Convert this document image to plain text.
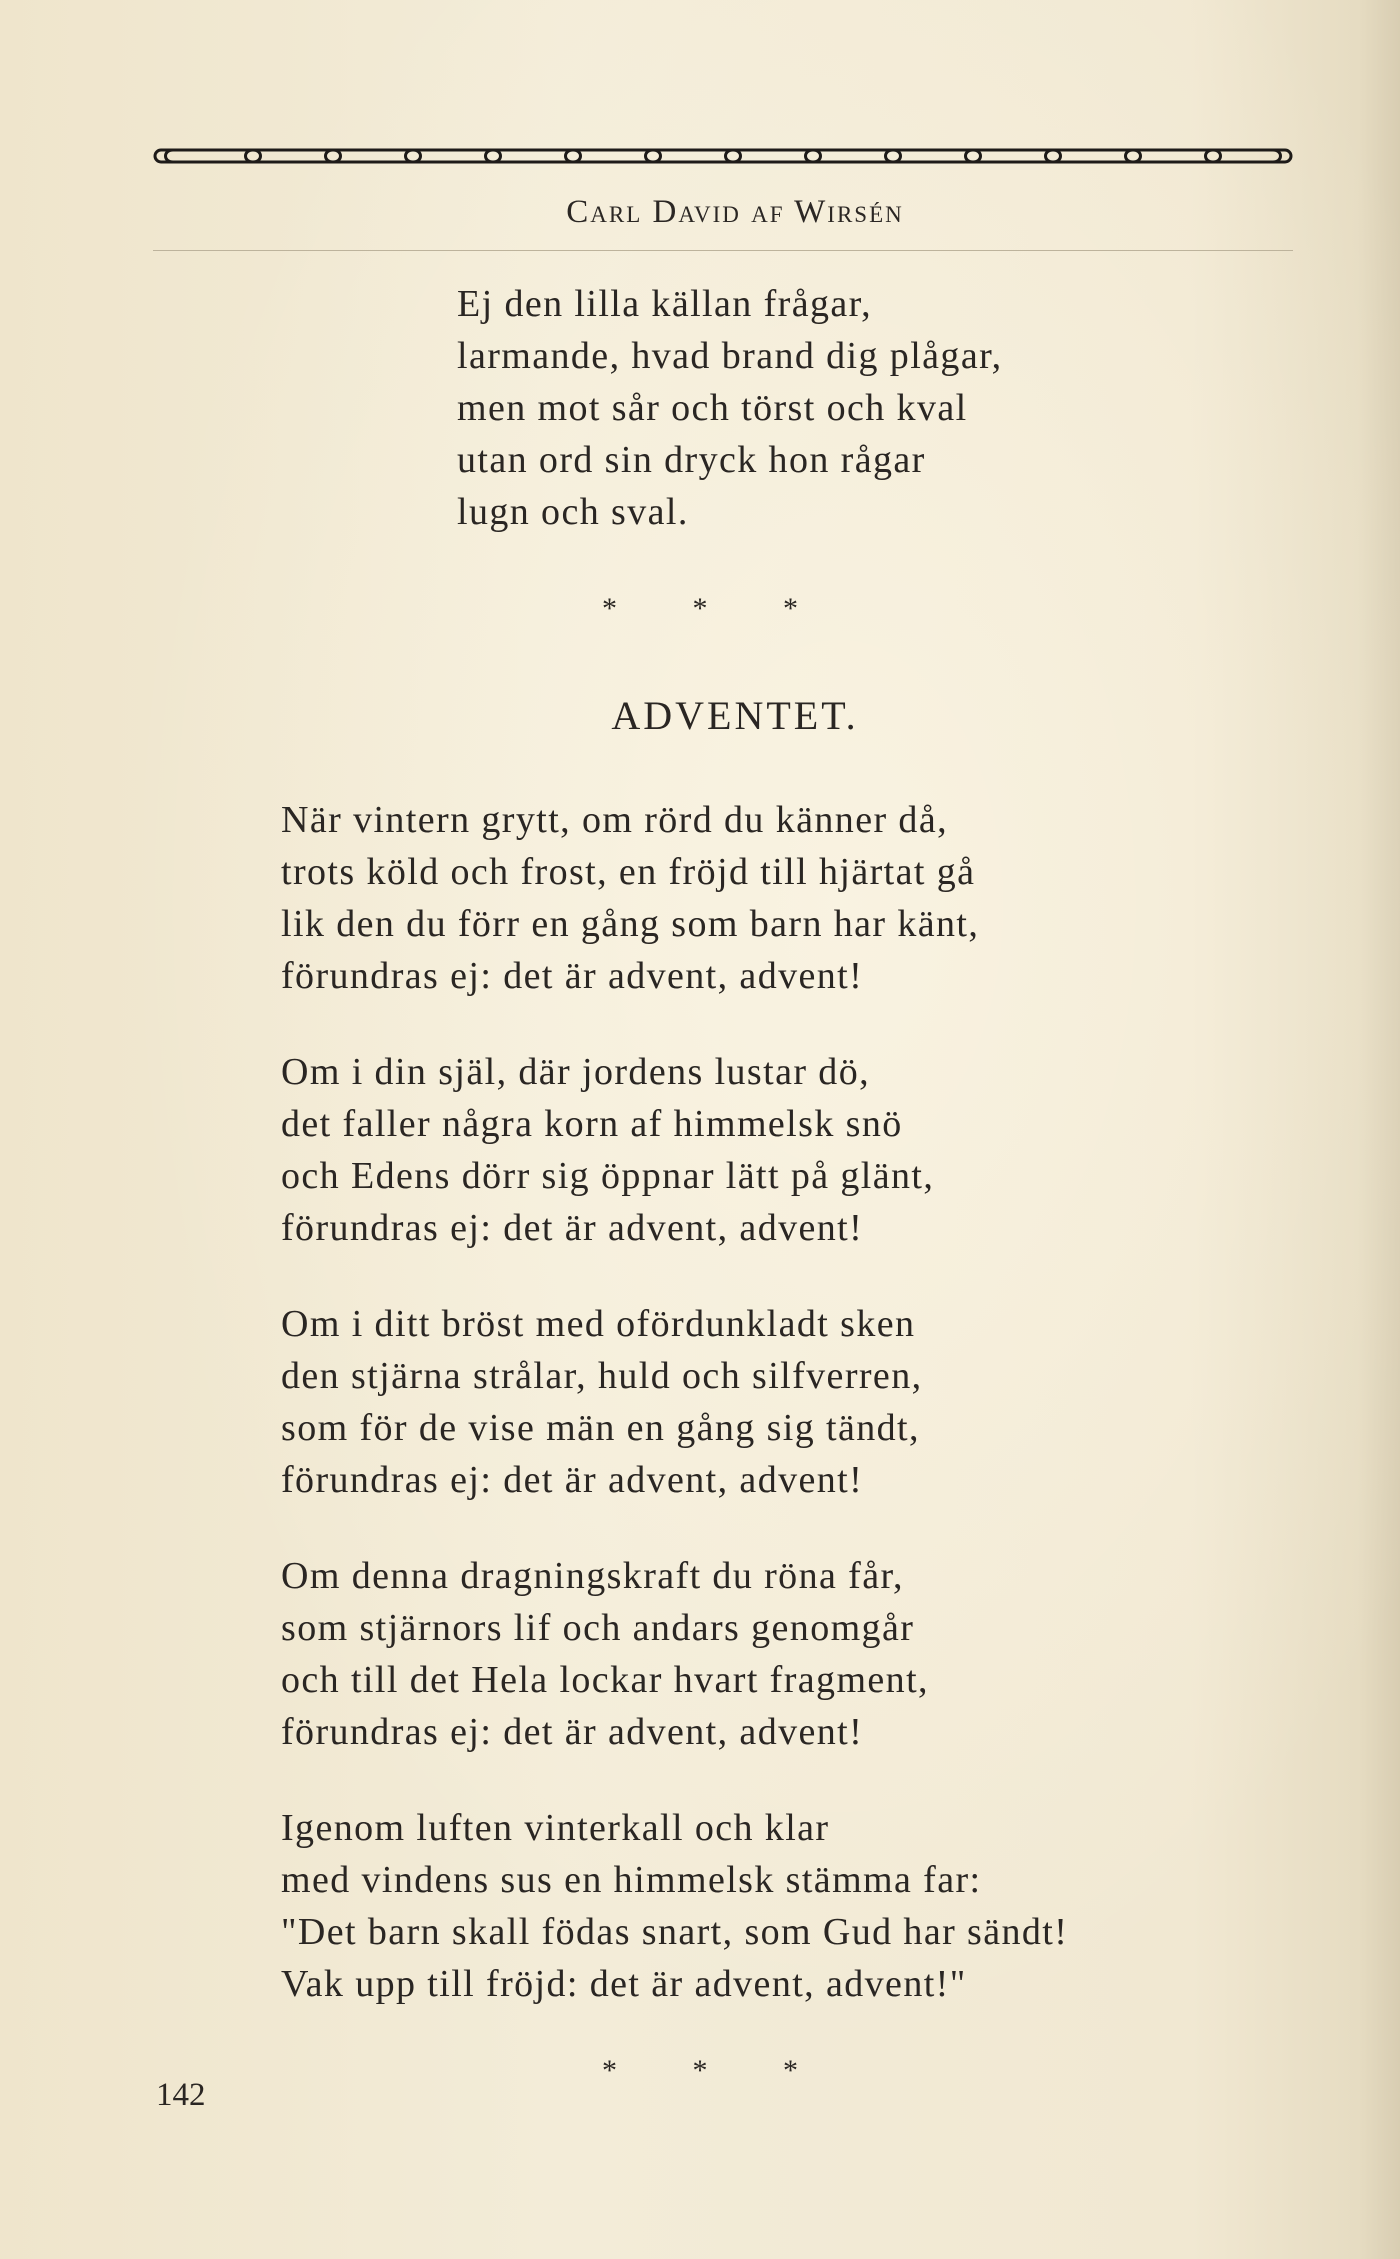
Carl David af Wirsén
Ej den lilla källan frågar,
larmande, hvad brand dig plågar,
men mot sår och törst och kval
utan ord sin dryck hon rågar
lugn och sval.
* * *
ADVENTET.
När vintern grytt, om rörd du känner då,
trots köld och frost, en fröjd till hjärtat gå
lik den du förr en gång som barn har känt,
förundras ej: det är advent, advent!
Om i din själ, där jordens lustar dö,
det faller några korn af himmelsk snö
och Edens dörr sig öppnar lätt på glänt,
förundras ej: det är advent, advent!
Om i ditt bröst med ofördunkladt sken
den stjärna strålar, huld och silfverren,
som för de vise män en gång sig tändt,
förundras ej: det är advent, advent!
Om denna dragningskraft du röna får,
som stjärnors lif och andars genomgår
och till det Hela lockar hvart fragment,
förundras ej: det är advent, advent!
Igenom luften vinterkall och klar
med vindens sus en himmelsk stämma far:
"Det barn skall födas snart, som Gud har sändt!
Vak upp till fröjd: det är advent, advent!"
* * *
142
